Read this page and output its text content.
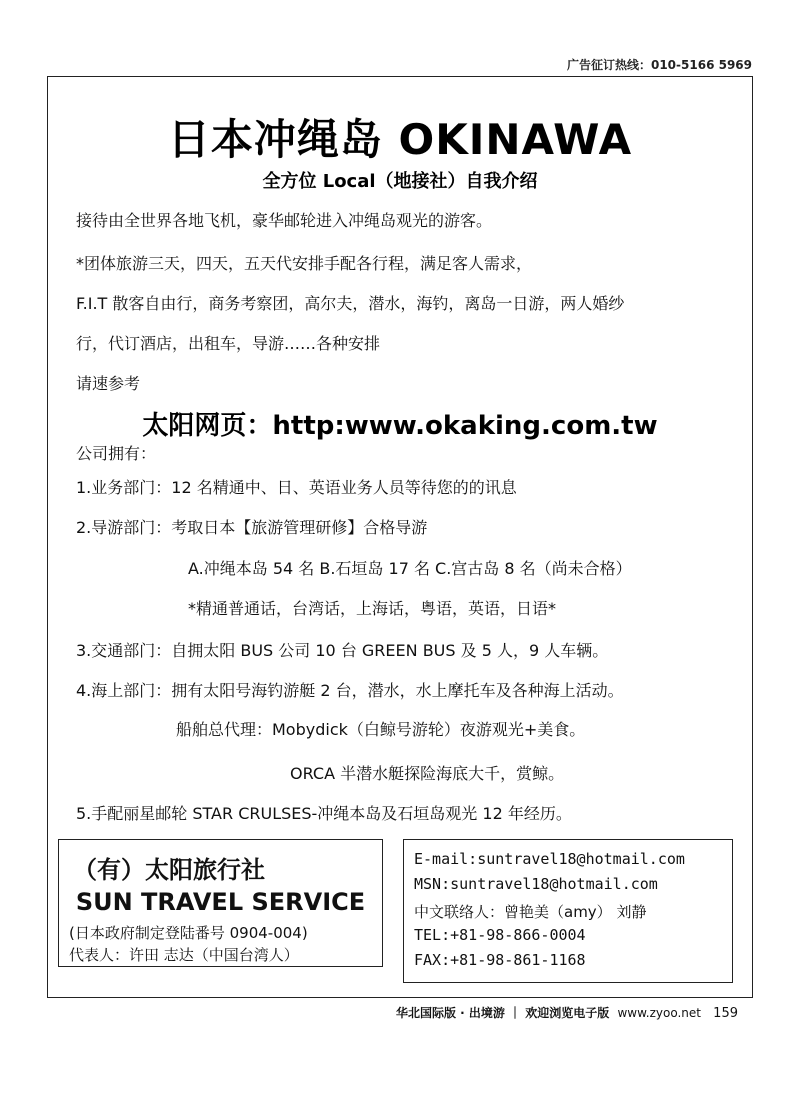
广告征订热线：010-5166 5969
日本冲绳岛 OKINAWA
全方位 Local（地接社）自我介绍
接待由全世界各地飞机，豪华邮轮进入冲绳岛观光的游客。
*团体旅游三天，四天，五天代安排手配各行程，满足客人需求，
F.I.T 散客自由行，商务考察团，高尔夫，潜水，海钓，离岛一日游，两人婚纱
行，代订酒店，出租车，导游……各种安排
请速参考
太阳网页：http:www.okaking.com.tw
公司拥有：
1.业务部门：12 名精通中、日、英语业务人员等待您的的讯息
2.导游部门：考取日本【旅游管理研修】合格导游
A.冲绳本岛 54 名 B.石垣岛 17 名 C.宫古岛 8 名（尚未合格）
*精通普通话，台湾话，上海话，粤语，英语，日语*
3.交通部门：自拥太阳 BUS 公司 10 台 GREEN BUS 及 5 人，9 人车辆。
4.海上部门：拥有太阳号海钓游艇 2 台，潜水，水上摩托车及各种海上活动。
船舶总代理：Mobydick（白鲸号游轮）夜游观光+美食。
ORCA 半潜水艇探险海底大千，赏鲸。
5.手配丽星邮轮 STAR CRULSES-冲绳本岛及石垣岛观光 12 年经历。
（有）太阳旅行社
SUN TRAVEL SERVICE
(日本政府制定登陆番号 0904-004)
代表人：许田 志达（中国台湾人）
E-mail:suntravel18@hotmail.com
MSN:suntravel18@hotmail.com
中文联络人：曾艳美（amy） 刘静
TEL:+81-98-866-0004
FAX:+81-98-861-1168
华北国际版 · 出境游 ｜ 欢迎浏览电子版 www.zyoo.net 159
